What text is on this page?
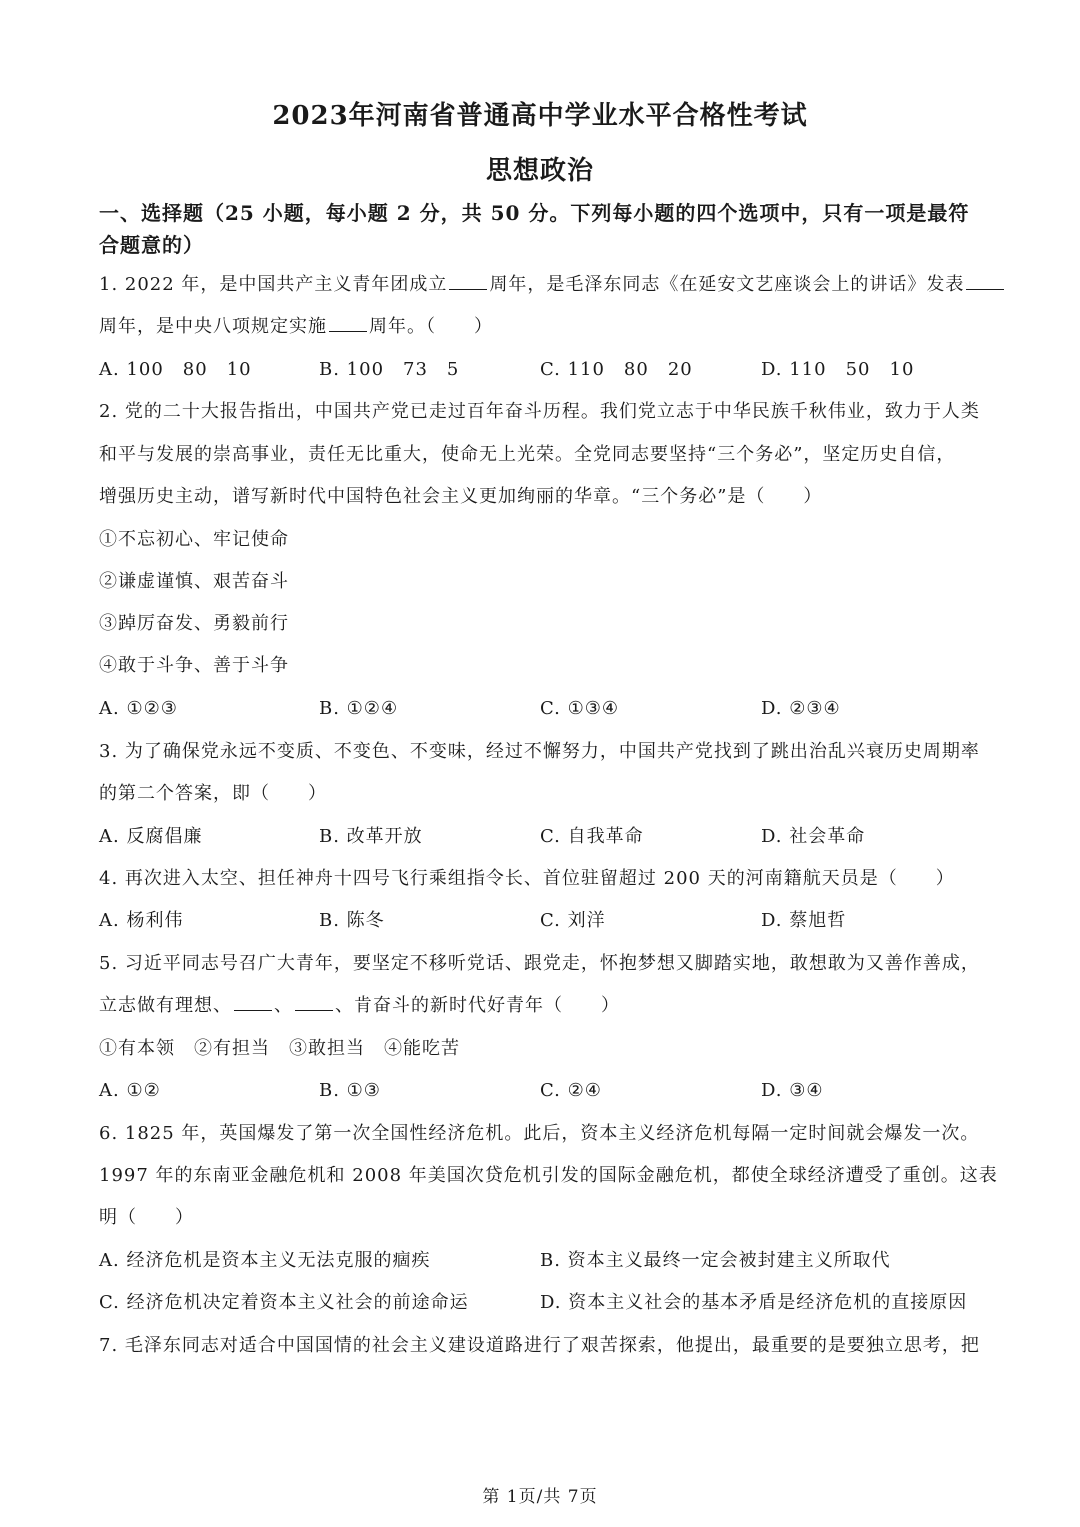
2023年河南省普通高中学业水平合格性考试
思想政治
一、选择题（25 小题，每小题 2 分，共 50 分。下列每小题的四个选项中，只有一项是最符
合题意的）
1. 2022 年，是中国共产主义青年团成立 周年，是毛泽东同志《在延安文艺座谈会上的讲话》发表
周年，是中央八项规定实施 周年。（　　）
A. 100　80　10	B. 100　73　5	C. 110　80　20	D. 110　50　10
2. 党的二十大报告指出，中国共产党已走过百年奋斗历程。我们党立志于中华民族千秋伟业，致力于人类
和平与发展的崇高事业，责任无比重大，使命无上光荣。全党同志要坚持“三个务必”，坚定历史自信，
增强历史主动，谱写新时代中国特色社会主义更加绚丽的华章。“三个务必”是（　　）
①不忘初心、牢记使命
②谦虚谨慎、艰苦奋斗
③踔厉奋发、勇毅前行
④敢于斗争、善于斗争
A. ①②③	B. ①②④	C. ①③④	D. ②③④
3. 为了确保党永远不变质、不变色、不变味，经过不懈努力，中国共产党找到了跳出治乱兴衰历史周期率
的第二个答案，即（　　）
A. 反腐倡廉	B. 改革开放	C. 自我革命	D. 社会革命
4. 再次进入太空、担任神舟十四号飞行乘组指令长、首位驻留超过 200 天的河南籍航天员是（　　）
A. 杨利伟	B. 陈冬	C. 刘洋	D. 蔡旭哲
5. 习近平同志号召广大青年，要坚定不移听党话、跟党走，怀抱梦想又脚踏实地，敢想敢为又善作善成，
立志做有理想、 、 、肯奋斗的新时代好青年（　　）
①有本领　②有担当　③敢担当　④能吃苦
A. ①②	B. ①③	C. ②④	D. ③④
6. 1825 年，英国爆发了第一次全国性经济危机。此后，资本主义经济危机每隔一定时间就会爆发一次。
1997 年的东南亚金融危机和 2008 年美国次贷危机引发的国际金融危机，都使全球经济遭受了重创。这表
明（　　）
A. 经济危机是资本主义无法克服的痼疾	B. 资本主义最终一定会被封建主义所取代
C. 经济危机决定着资本主义社会的前途命运	D. 资本主义社会的基本矛盾是经济危机的直接原因
7. 毛泽东同志对适合中国国情的社会主义建设道路进行了艰苦探索，他提出，最重要的是要独立思考，把
第 1页/共 7页
